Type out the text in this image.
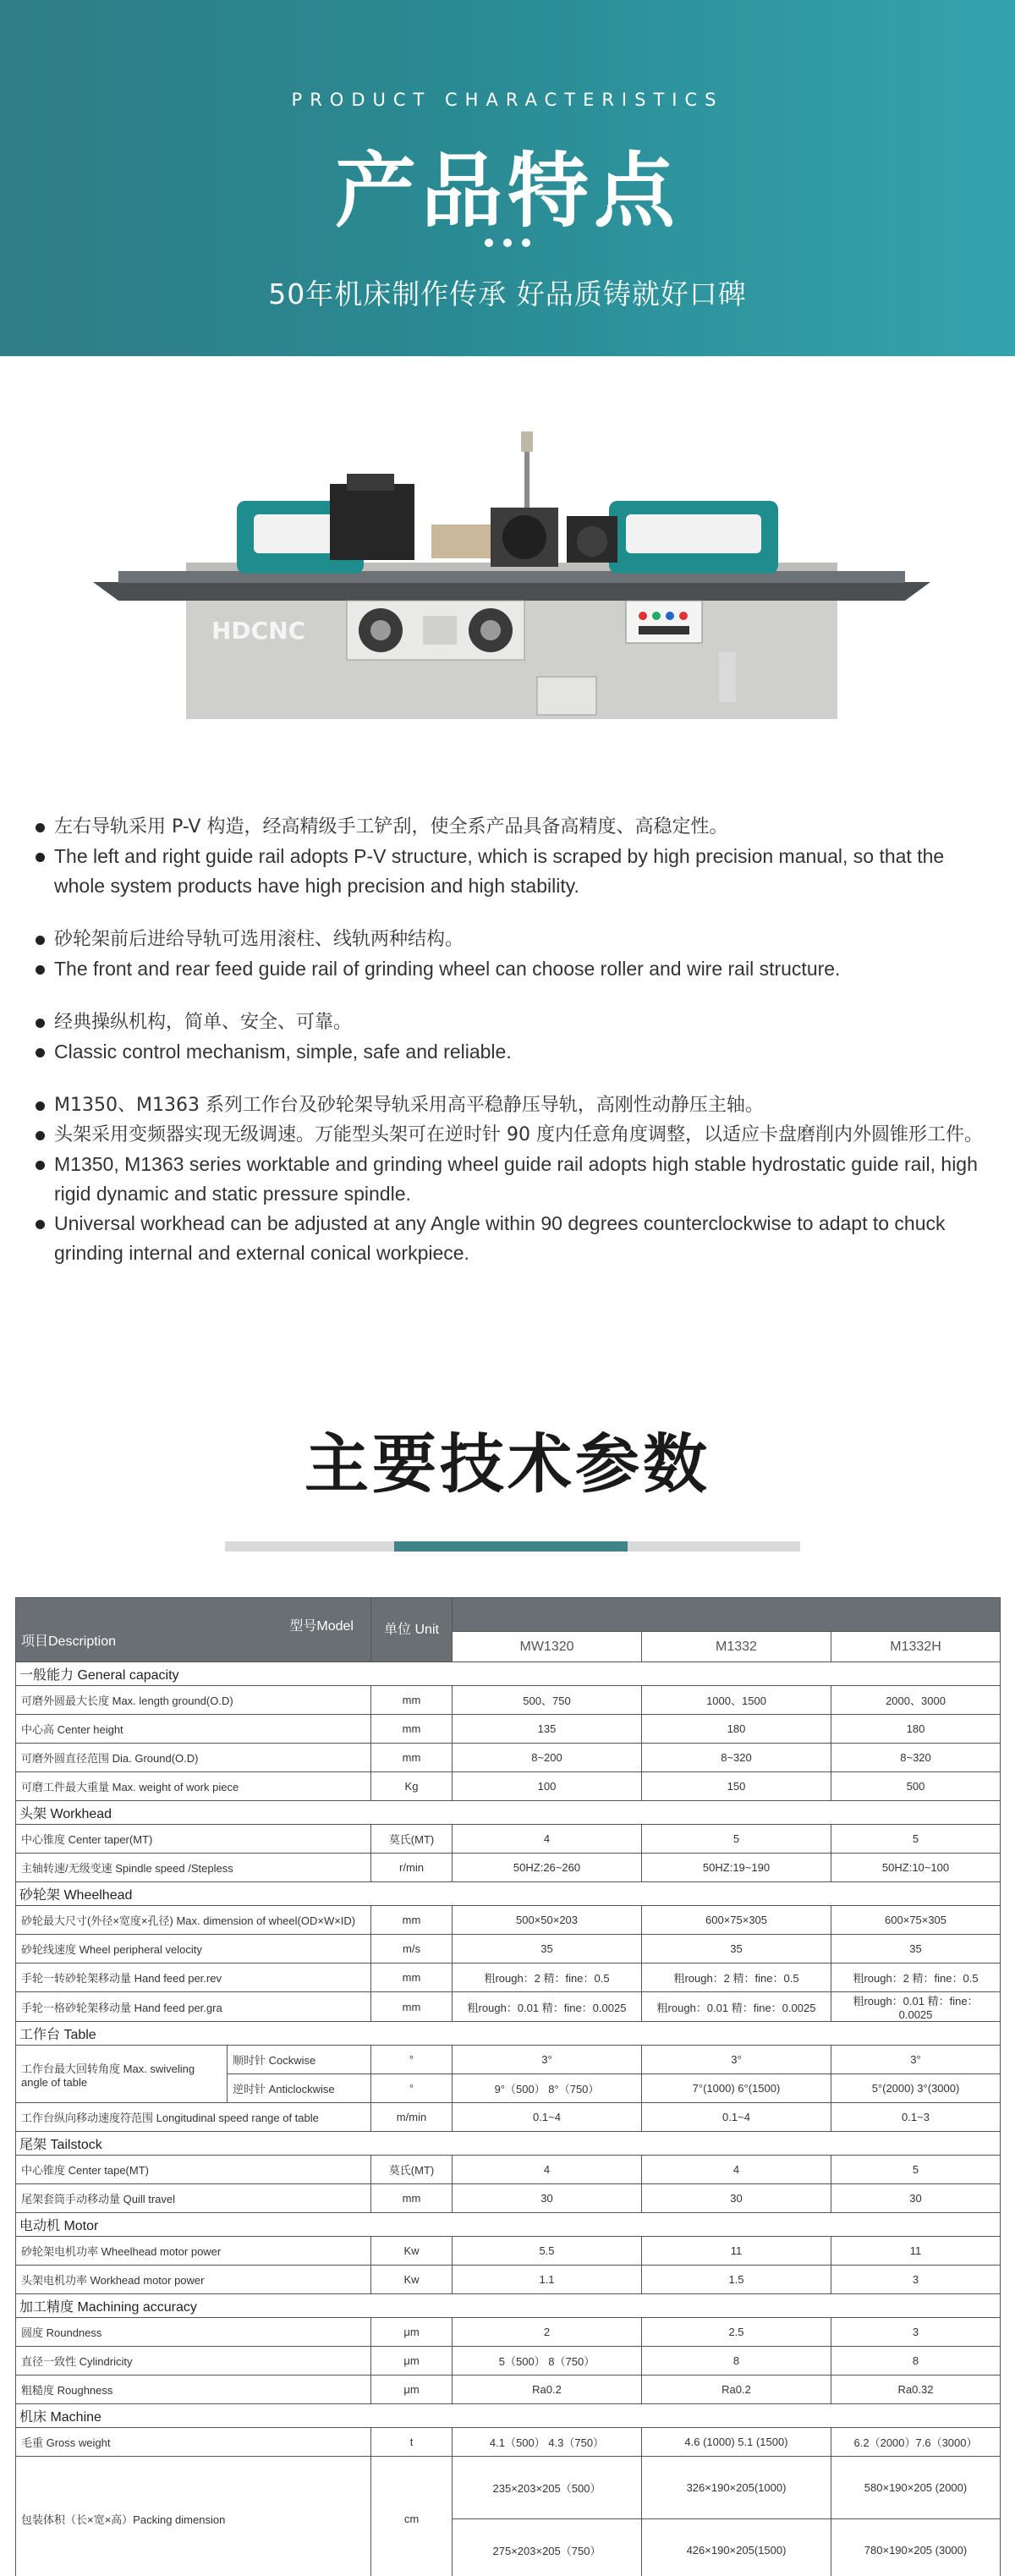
PRODUCT CHARACTERISTICS
产品特点
50年机床制作传承 好品质铸就好口碑
HDCNC
左右导轨采用 P-V 构造，经高精级手工铲刮，使全系产品具备高精度、高稳定性。
The left and right guide rail adopts P-V structure, which is scraped by high precision manual, so that the whole system products have high precision and high stability.
砂轮架前后进给导轨可选用滚柱、线轨两种结构。
The front and rear feed guide rail of grinding wheel can choose roller and wire rail structure.
经典操纵机构，简单、安全、可靠。
Classic control mechanism, simple, safe and reliable.
M1350、M1363 系列工作台及砂轮架导轨采用高平稳静压导轨，高刚性动静压主轴。
头架采用变频器实现无级调速。万能型头架可在逆时针 90 度内任意角度调整，以适应卡盘磨削内外圆锥形工件。
M1350, M1363 series worktable and grinding wheel guide rail adopts high stable hydrostatic guide rail, high rigid dynamic and static pressure spindle.
Universal workhead can be adjusted at any Angle within 90 degrees counterclockwise to adapt to chuck grinding internal and external conical workpiece.
主要技术参数
型号Model
项目Description		单位 Unit			
			MW1320	M1332	M1332H
一般能力 General capacity					
可磨外圆最大长度 Max. length ground(O.D)		mm	500、750	1000、1500	2000、3000
中心高 Center height		mm	135	180	180
可磨外圆直径范围 Dia. Ground(O.D)		mm	8~200	8~320	8~320
可磨工件最大重量 Max. weight of work piece		Kg	100	150	500
头架 Workhead					
中心锥度 Center taper(MT)		莫氏(MT)	4	5	5
主轴转速/无级变速 Spindle speed /Stepless		r/min	50HZ:26~260	50HZ:19~190	50HZ:10~100
砂轮架 Wheelhead					
砂轮最大尺寸(外径×宽度×孔径) Max. dimension of wheel(OD×W×ID)		mm	500×50×203	600×75×305	600×75×305
砂轮线速度 Wheel peripheral velocity		m/s	35	35	35
手轮一转砂轮架移动量 Hand feed per.rev		mm	粗rough：2 精：fine：0.5	粗rough：2 精：fine：0.5	粗rough：2 精：fine：0.5
手轮一格砂轮架移动量 Hand feed per.gra		mm	粗rough：0.01 精：fine：0.0025	粗rough：0.01 精：fine：0.0025	粗rough：0.01 精：fine：0.0025
工作台 Table					
工作台最大回转角度 Max. swiveling angle of table	顺时针 Cockwise	°	3°	3°	3°
	逆时针 Anticlockwise	°	9°（500） 8°（750）	7°(1000) 6°(1500)	5°(2000) 3°(3000)
工作台纵向移动速度符范围 Longitudinal speed range of table		m/min	0.1~4	0.1~4	0.1~3
尾架 Tailstock					
中心锥度 Center tape(MT)		莫氏(MT)	4	4	5
尾架套筒手动移动量 Quill travel		mm	30	30	30
电动机 Motor					
砂轮架电机功率 Wheelhead motor power		Kw	5.5	11	11
头架电机功率 Workhead motor power		Kw	1.1	1.5	3
加工精度 Machining accuracy					
圆度 Roundness		μm	2	2.5	3
直径一致性 Cylindricity		μm	5（500） 8（750）	8	8
粗糙度 Roughness		μm	Ra0.2	Ra0.2	Ra0.32
机床 Machine					
毛重 Gross weight		t	4.1（500） 4.3（750）	4.6 (1000) 5.1 (1500)	6.2（2000）7.6（3000）
包装体积（长×宽×高）Packing dimension		cm	235×203×205（500）	326×190×205(1000)	580×190×205 (2000)
			275×203×205（750）	426×190×205(1500)	780×190×205 (3000)
